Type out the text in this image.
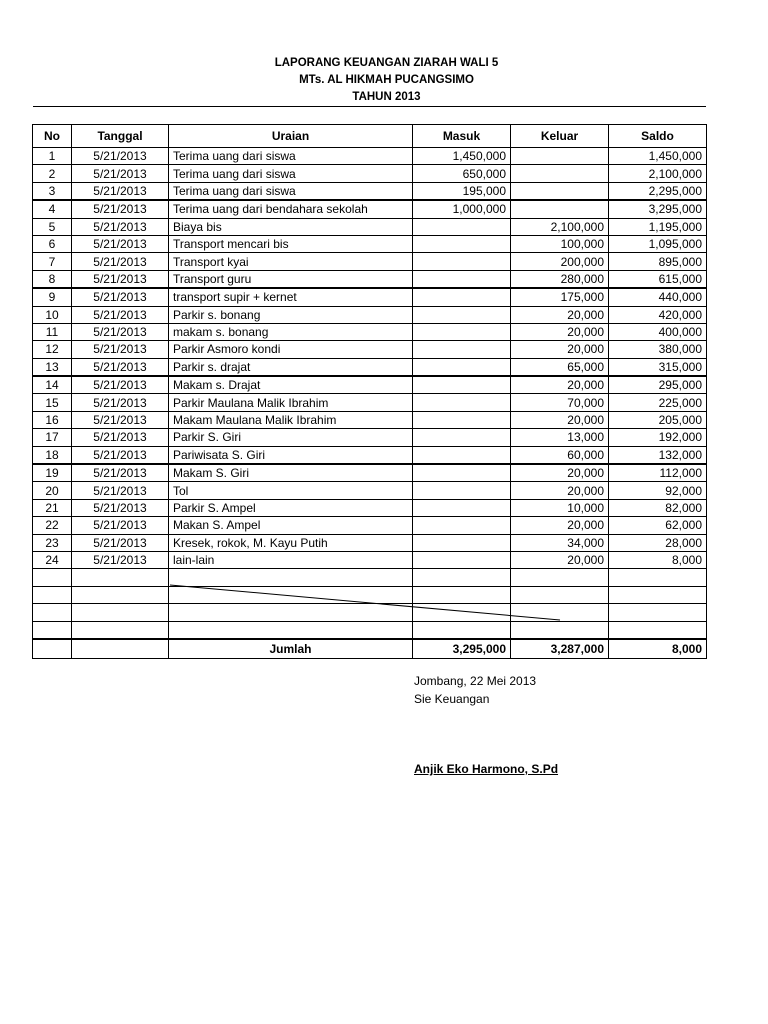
LAPORANG KEUANGAN ZIARAH WALI 5
MTs. AL HIKMAH PUCANGSIMO
TAHUN 2013
No	Tanggal	Uraian	Masuk	Keluar	Saldo
1	5/21/2013	Terima uang dari siswa	1,450,000		1,450,000
2	5/21/2013	Terima uang dari siswa	650,000		2,100,000
3	5/21/2013	Terima uang dari siswa	195,000		2,295,000
4	5/21/2013	Terima uang dari bendahara sekolah	1,000,000		3,295,000
5	5/21/2013	Biaya bis		2,100,000	1,195,000
6	5/21/2013	Transport mencari bis		100,000	1,095,000
7	5/21/2013	Transport kyai		200,000	895,000
8	5/21/2013	Transport guru		280,000	615,000
9	5/21/2013	transport supir + kernet		175,000	440,000
10	5/21/2013	Parkir s. bonang		20,000	420,000
11	5/21/2013	makam s. bonang		20,000	400,000
12	5/21/2013	Parkir Asmoro kondi		20,000	380,000
13	5/21/2013	Parkir s. drajat		65,000	315,000
14	5/21/2013	Makam s. Drajat		20,000	295,000
15	5/21/2013	Parkir Maulana Malik Ibrahim		70,000	225,000
16	5/21/2013	Makam Maulana Malik Ibrahim		20,000	205,000
17	5/21/2013	Parkir S. Giri		13,000	192,000
18	5/21/2013	Pariwisata S. Giri		60,000	132,000
19	5/21/2013	Makam S. Giri		20,000	112,000
20	5/21/2013	Tol		20,000	92,000
21	5/21/2013	Parkir S. Ampel		10,000	82,000
22	5/21/2013	Makan S. Ampel		20,000	62,000
23	5/21/2013	Kresek, rokok, M. Kayu Putih		34,000	28,000
24	5/21/2013	lain-lain		20,000	8,000

		Jumlah	3,295,000	3,287,000	8,000
Jombang, 22 Mei 2013
Sie Keuangan
Anjik Eko Harmono, S.Pd
